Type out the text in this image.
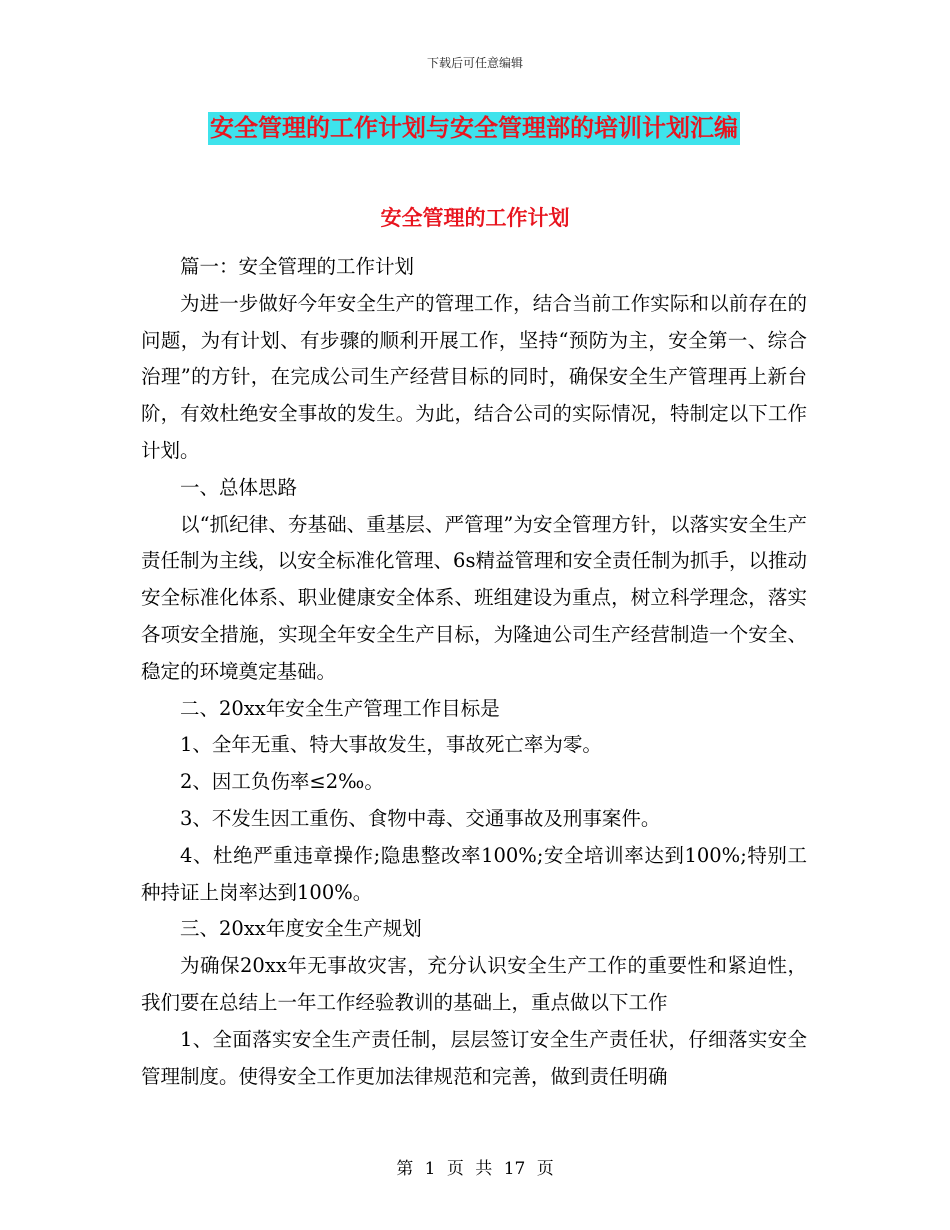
下载后可任意编辑
安全管理的工作计划与安全管理部的培训计划汇编
安全管理的工作计划

篇一：安全管理的工作计划

为进一步做好今年安全生产的管理工作，结合当前工作实际和以前存在的问题，为有计划、有步骤的顺利开展工作，坚持“预防为主，安全第一、综合治理”的方针，在完成公司生产经营目标的同时，确保安全生产管理再上新台阶，有效杜绝安全事故的发生。为此，结合公司的实际情况，特制定以下工作计划。

一、总体思路

以“抓纪律、夯基础、重基层、严管理”为安全管理方针，以落实安全生产责任制为主线，以安全标准化管理、6s精益管理和安全责任制为抓手，以推动安全标准化体系、职业健康安全体系、班组建设为重点，树立科学理念，落实各项安全措施，实现全年安全生产目标，为隆迪公司生产经营制造一个安全、稳定的环境奠定基础。

二、20xx年安全生产管理工作目标是

1、全年无重、特大事故发生，事故死亡率为零。

2、因工负伤率≤2‰。

3、不发生因工重伤、食物中毒、交通事故及刑事案件。

4、杜绝严重违章操作;隐患整改率100%;安全培训率达到100%;特别工种持证上岗率达到100%。

三、20xx年度安全生产规划

为确保20xx年无事故灾害，充分认识安全生产工作的重要性和紧迫性，我们要在总结上一年工作经验教训的基础上，重点做以下工作

1、全面落实安全生产责任制，层层签订安全生产责任状，仔细落实安全管理制度。使得安全工作更加法律规范和完善，做到责任明确

第 1 页 共 17 页
